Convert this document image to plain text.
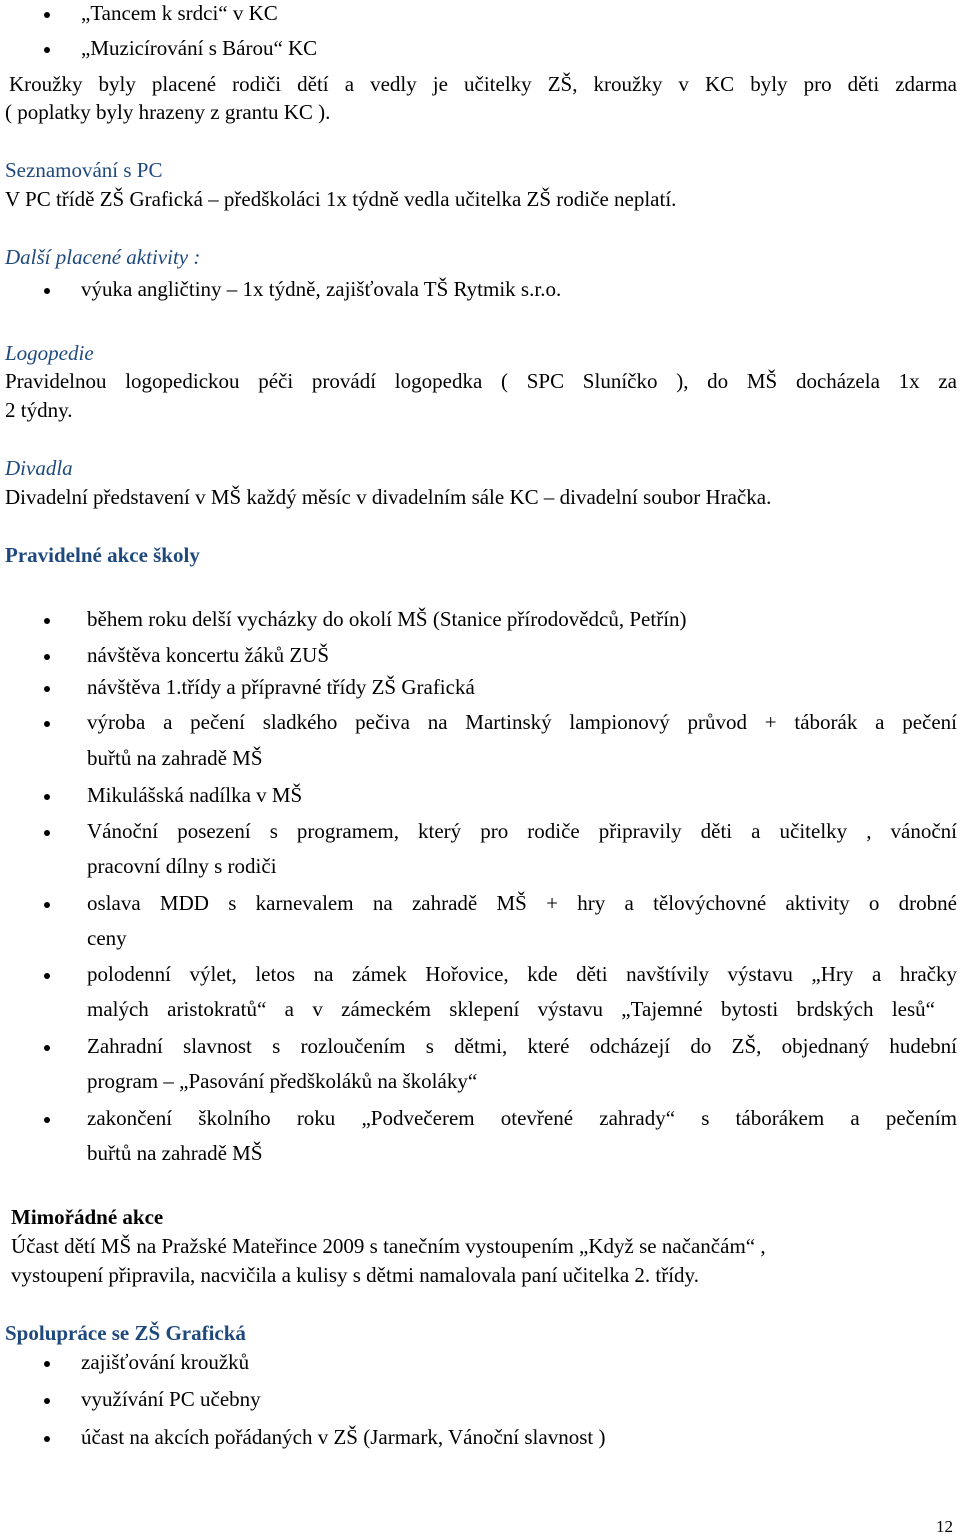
„Tancem k srdci“ v KC
„Muzicírování s Bárou“ KC
Kroužky byly placené rodiči dětí a vedly je učitelky ZŠ, kroužky v KC byly pro děti zdarma
( poplatky byly hrazeny z grantu KC ).
Seznamování s PC
V PC třídě ZŠ Grafická – předškoláci 1x týdně vedla učitelka ZŠ rodiče neplatí.
Další placené aktivity :
výuka angličtiny – 1x týdně, zajišťovala TŠ Rytmik s.r.o.
Logopedie
Pravidelnou logopedickou péči provádí logopedka ( SPC Sluníčko ), do MŠ docházela 1x za
2 týdny.
Divadla
Divadelní představení v MŠ každý měsíc v divadelním sále KC – divadelní soubor Hračka.
Pravidelné akce školy
během roku delší vycházky do okolí MŠ (Stanice přírodovědců, Petřín)
návštěva koncertu žáků ZUŠ
návštěva 1.třídy a přípravné třídy ZŠ Grafická
výroba a pečení sladkého pečiva na Martinský lampionový průvod + táborák a pečení
buřtů na zahradě MŠ
Mikulášská nadílka v MŠ
Vánoční posezení s programem, který pro rodiče připravily děti a učitelky , vánoční
pracovní dílny s rodiči
oslava MDD s karnevalem na zahradě MŠ + hry a tělovýchovné aktivity o drobné
ceny
polodenní výlet, letos na zámek Hořovice, kde děti navštívily výstavu „Hry a hračky
malých aristokratů“ a v zámeckém sklepení výstavu „Tajemné bytosti brdských lesů“
Zahradní slavnost s rozloučením s dětmi, které odcházejí do ZŠ, objednaný hudební
program – „Pasování předškoláků na školáky“
zakončení školního roku „Podvečerem otevřené zahrady“ s táborákem a pečením
buřtů na zahradě MŠ
Mimořádné akce
Účast dětí MŠ na Pražské Mateřince 2009 s tanečním vystoupením „Když se načančám“ ,
vystoupení připravila, nacvičila a kulisy s dětmi namalovala paní učitelka 2. třídy.
Spolupráce se ZŠ Grafická
zajišťování kroužků
využívání PC učebny
účast na akcích pořádaných v ZŠ (Jarmark, Vánoční slavnost )
12
